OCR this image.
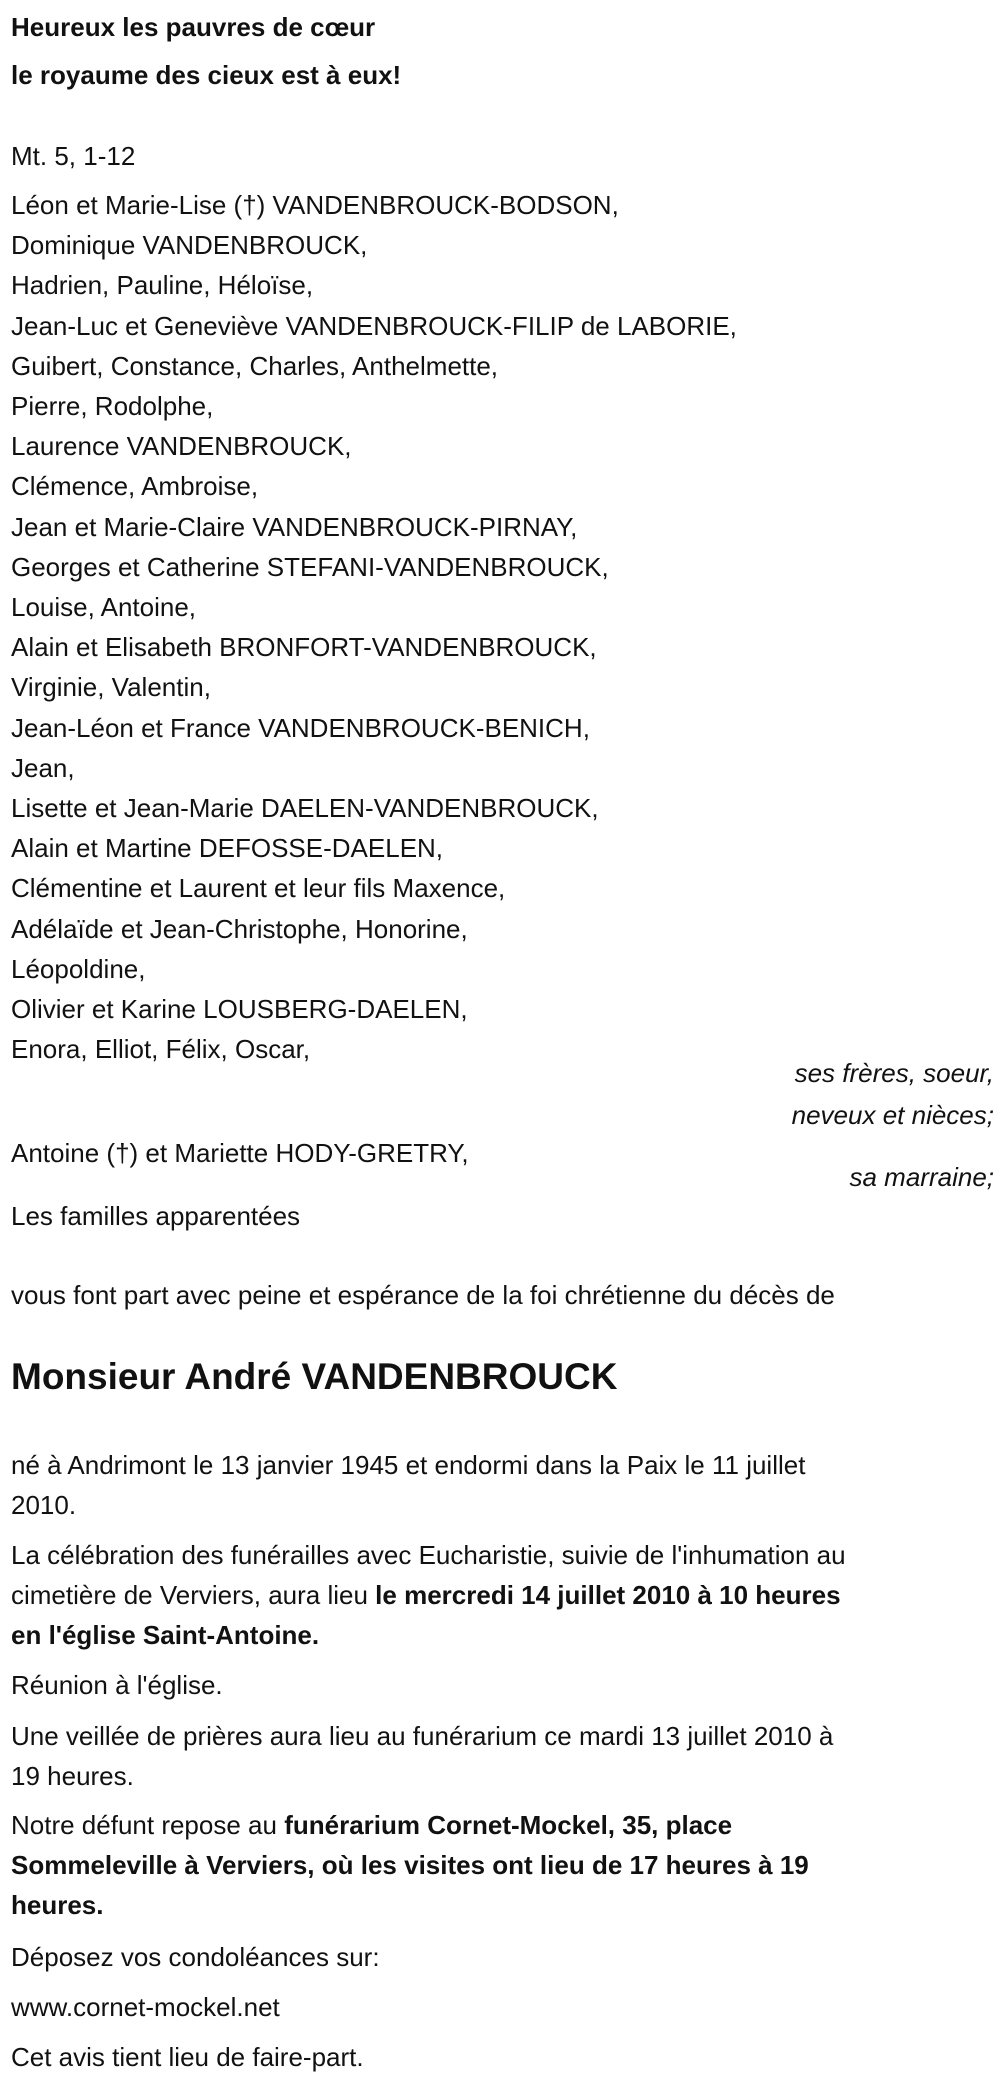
Heureux les pauvres de cœur
le royaume des cieux est à eux!
Mt. 5, 1-12
Léon et Marie-Lise (†) VANDENBROUCK-BODSON,
Dominique VANDENBROUCK,
Hadrien, Pauline, Héloïse,
Jean-Luc et Geneviève VANDENBROUCK-FILIP de LABORIE,
Guibert, Constance, Charles, Anthelmette,
Pierre, Rodolphe,
Laurence VANDENBROUCK,
Clémence, Ambroise,
Jean et Marie-Claire VANDENBROUCK-PIRNAY,
Georges et Catherine STEFANI-VANDENBROUCK,
Louise, Antoine,
Alain et Elisabeth BRONFORT-VANDENBROUCK,
Virginie, Valentin,
Jean-Léon et France VANDENBROUCK-BENICH,
Jean,
Lisette et Jean-Marie DAELEN-VANDENBROUCK,
Alain et Martine DEFOSSE-DAELEN,
Clémentine et Laurent et leur fils Maxence,
Adélaïde et Jean-Christophe, Honorine,
Léopoldine,
Olivier et Karine LOUSBERG-DAELEN,
Enora, Elliot, Félix, Oscar,
ses frères, soeur,
neveux et nièces;
Antoine (†) et Mariette HODY-GRETRY,
sa marraine;
Les familles apparentées
vous font part avec peine et espérance de la foi chrétienne du décès de
Monsieur André VANDENBROUCK
né à Andrimont le 13 janvier 1945 et endormi dans la Paix le 11 juillet
2010.
La célébration des funérailles avec Eucharistie, suivie de l'inhumation au
cimetière de Verviers, aura lieu le mercredi 14 juillet 2010 à 10 heures
en l'église Saint-Antoine.
Réunion à l'église.
Une veillée de prières aura lieu au funérarium ce mardi 13 juillet 2010 à
19 heures.
Notre défunt repose au funérarium Cornet-Mockel, 35, place
Sommeleville à Verviers, où les visites ont lieu de 17 heures à 19
heures.
Déposez vos condoléances sur:
www.cornet-mockel.net
Cet avis tient lieu de faire-part.
